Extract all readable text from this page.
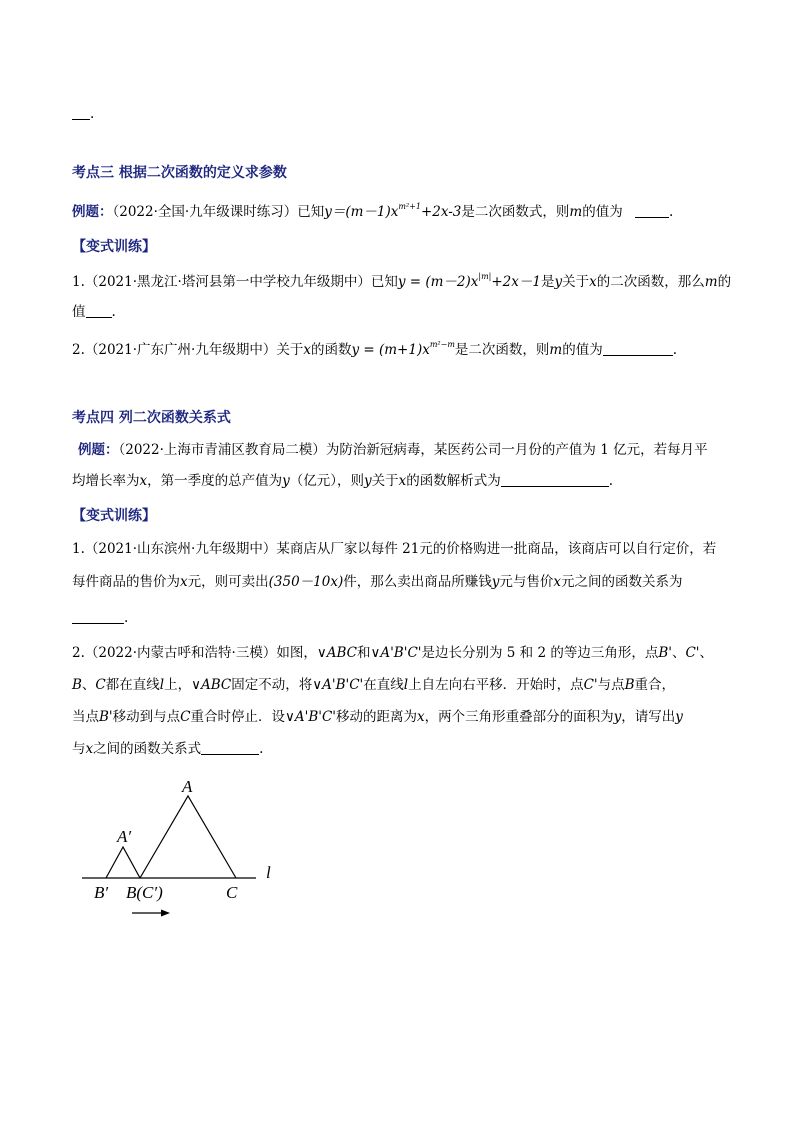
.
考点三 根据二次函数的定义求参数
例题：（2022·全国·九年级课时练习）已知$y=(m-1)x^{m^2+1}+2x-3$是二次函数式，则m的值为	.
【变式训练】
1.（2021·黑龙江·塔河县第一中学校九年级期中）已知$y = (m-2)x^{|m|}+2x-1$是y关于x的二次函数，那么m的
值 .
2.（2021·广东广州·九年级期中）关于x的函数$y = (m+1)x^{m^2-m}$是二次函数，则m的值为	.
考点四 列二次函数关系式
例题：（2022·上海市青浦区教育局二模）为防治新冠病毒，某医药公司一月份的产值为 1 亿元，若每月平
均增长率为x，第一季度的总产值为y（亿元），则y关于x的函数解析式为	.
【变式训练】
1.（2021·山东滨州·九年级期中）某商店从厂家以每件 21元的价格购进一批商品，该商店可以自行定价，若
每件商品的售价为x元，则可卖出(350－10x)件，那么卖出商品所赚钱y元与售价x元之间的函数关系为
.
2.（2022·内蒙古呼和浩特·三模）如图，∨ABC和∨A'B'C'是边长分别为 5 和 2 的等边三角形，点B'、C'、
B、C都在直线l上，∨ABC固定不动，将∨A'B'C'在直线l上自左向右平移．开始时，点C'与点B重合，
当点B'移动到与点C重合时停止．设∨A'B'C'移动的距离为x，两个三角形重叠部分的面积为y，请写出y
与x之间的函数关系式	.
A
A′
B′ B(C′)	C
l
